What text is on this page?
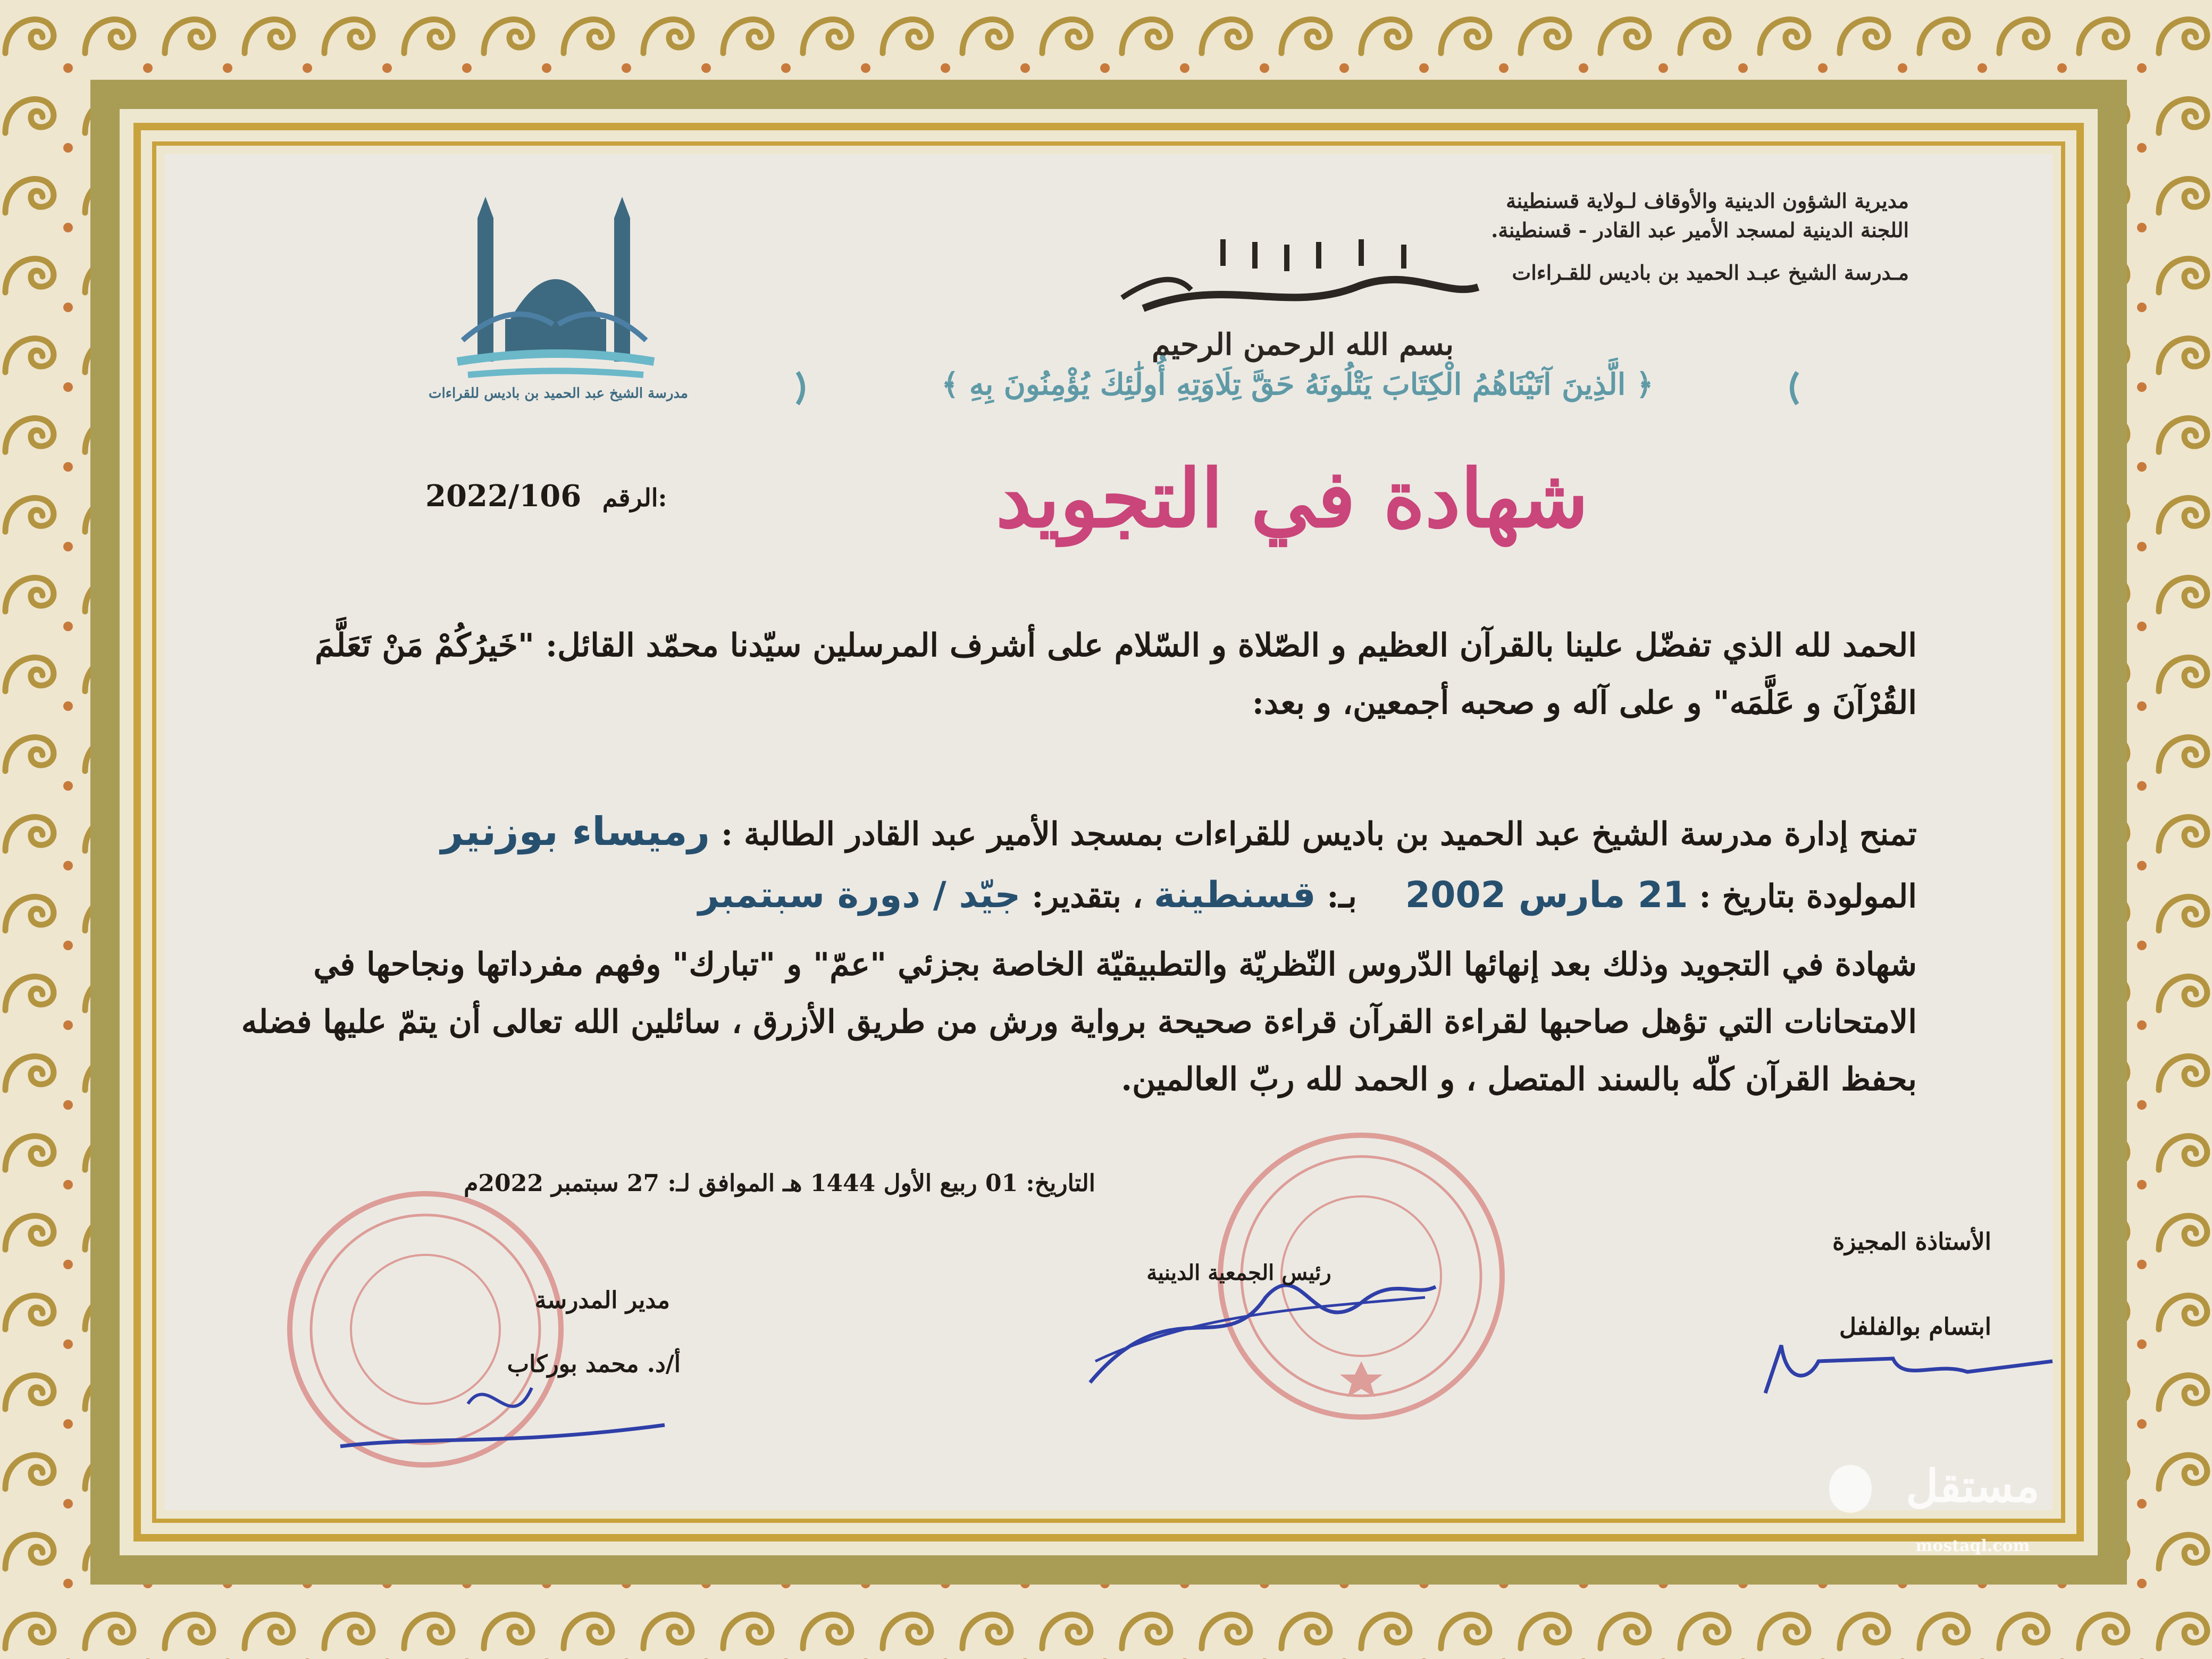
مديرية الشؤون الدينية والأوقاف لـولاية قسنطينة
اللجنة الدينية لمسجد الأمير عبد القادر - قسنطينة.
مـدرسة الشيخ عبـد الحميد بن باديس للقـراءات
بسم الله الرحمن الرحيم
﴿ الَّذِينَ آتَيْنَاهُمُ الْكِتَابَ يَتْلُونَهُ حَقَّ تِلَاوَتِهِ أُولَٰئِكَ يُؤْمِنُونَ بِهِ ﴾
مدرسة الشيخ عبد الحميد بن باديس للقراءات
2022/106 الرقم:	شهادة في التجويد
الحمد لله الذي تفضّل علينا بالقرآن العظيم و الصّلاة و السّلام على أشرف المرسلين سيّدنا محمّد القائل: "خَيرُكُمْ مَنْ تَعَلَّمَ القُرْآنَ و عَلَّمَه" و على آله و صحبه أجمعين، و بعد:
تمنح إدارة مدرسة الشيخ عبد الحميد بن باديس للقراءات بمسجد الأمير عبد القادر الطالبة : رميساء بوزنير
المولودة بتاريخ : 21 مارس 2002 بـ: قسنطينة ، بتقدير: جيّد / دورة سبتمبر
شهادة في التجويد وذلك بعد إنهائها الدّروس النّظريّة والتطبيقيّة الخاصة بجزئي "عمّ" و "تبارك" وفهم مفرداتها ونجاحها في الامتحانات التي تؤهل صاحبها لقراءة القرآن قراءة صحيحة برواية ورش من طريق الأزرق ، سائلين الله تعالى أن يتمّ عليها فضله بحفظ القرآن كلّه بالسند المتصل ، و الحمد لله ربّ العالمين.
التاريخ: 01 ربيع الأول 1444 هـ الموافق لـ: 27 سبتمبر 2022م
الأستاذة المجيزة
ابتسام بوالفلفل
رئيس الجمعية الدينية
مدير المدرسة
أ/د. محمد بوركاب
مستقل
mostaql.com
